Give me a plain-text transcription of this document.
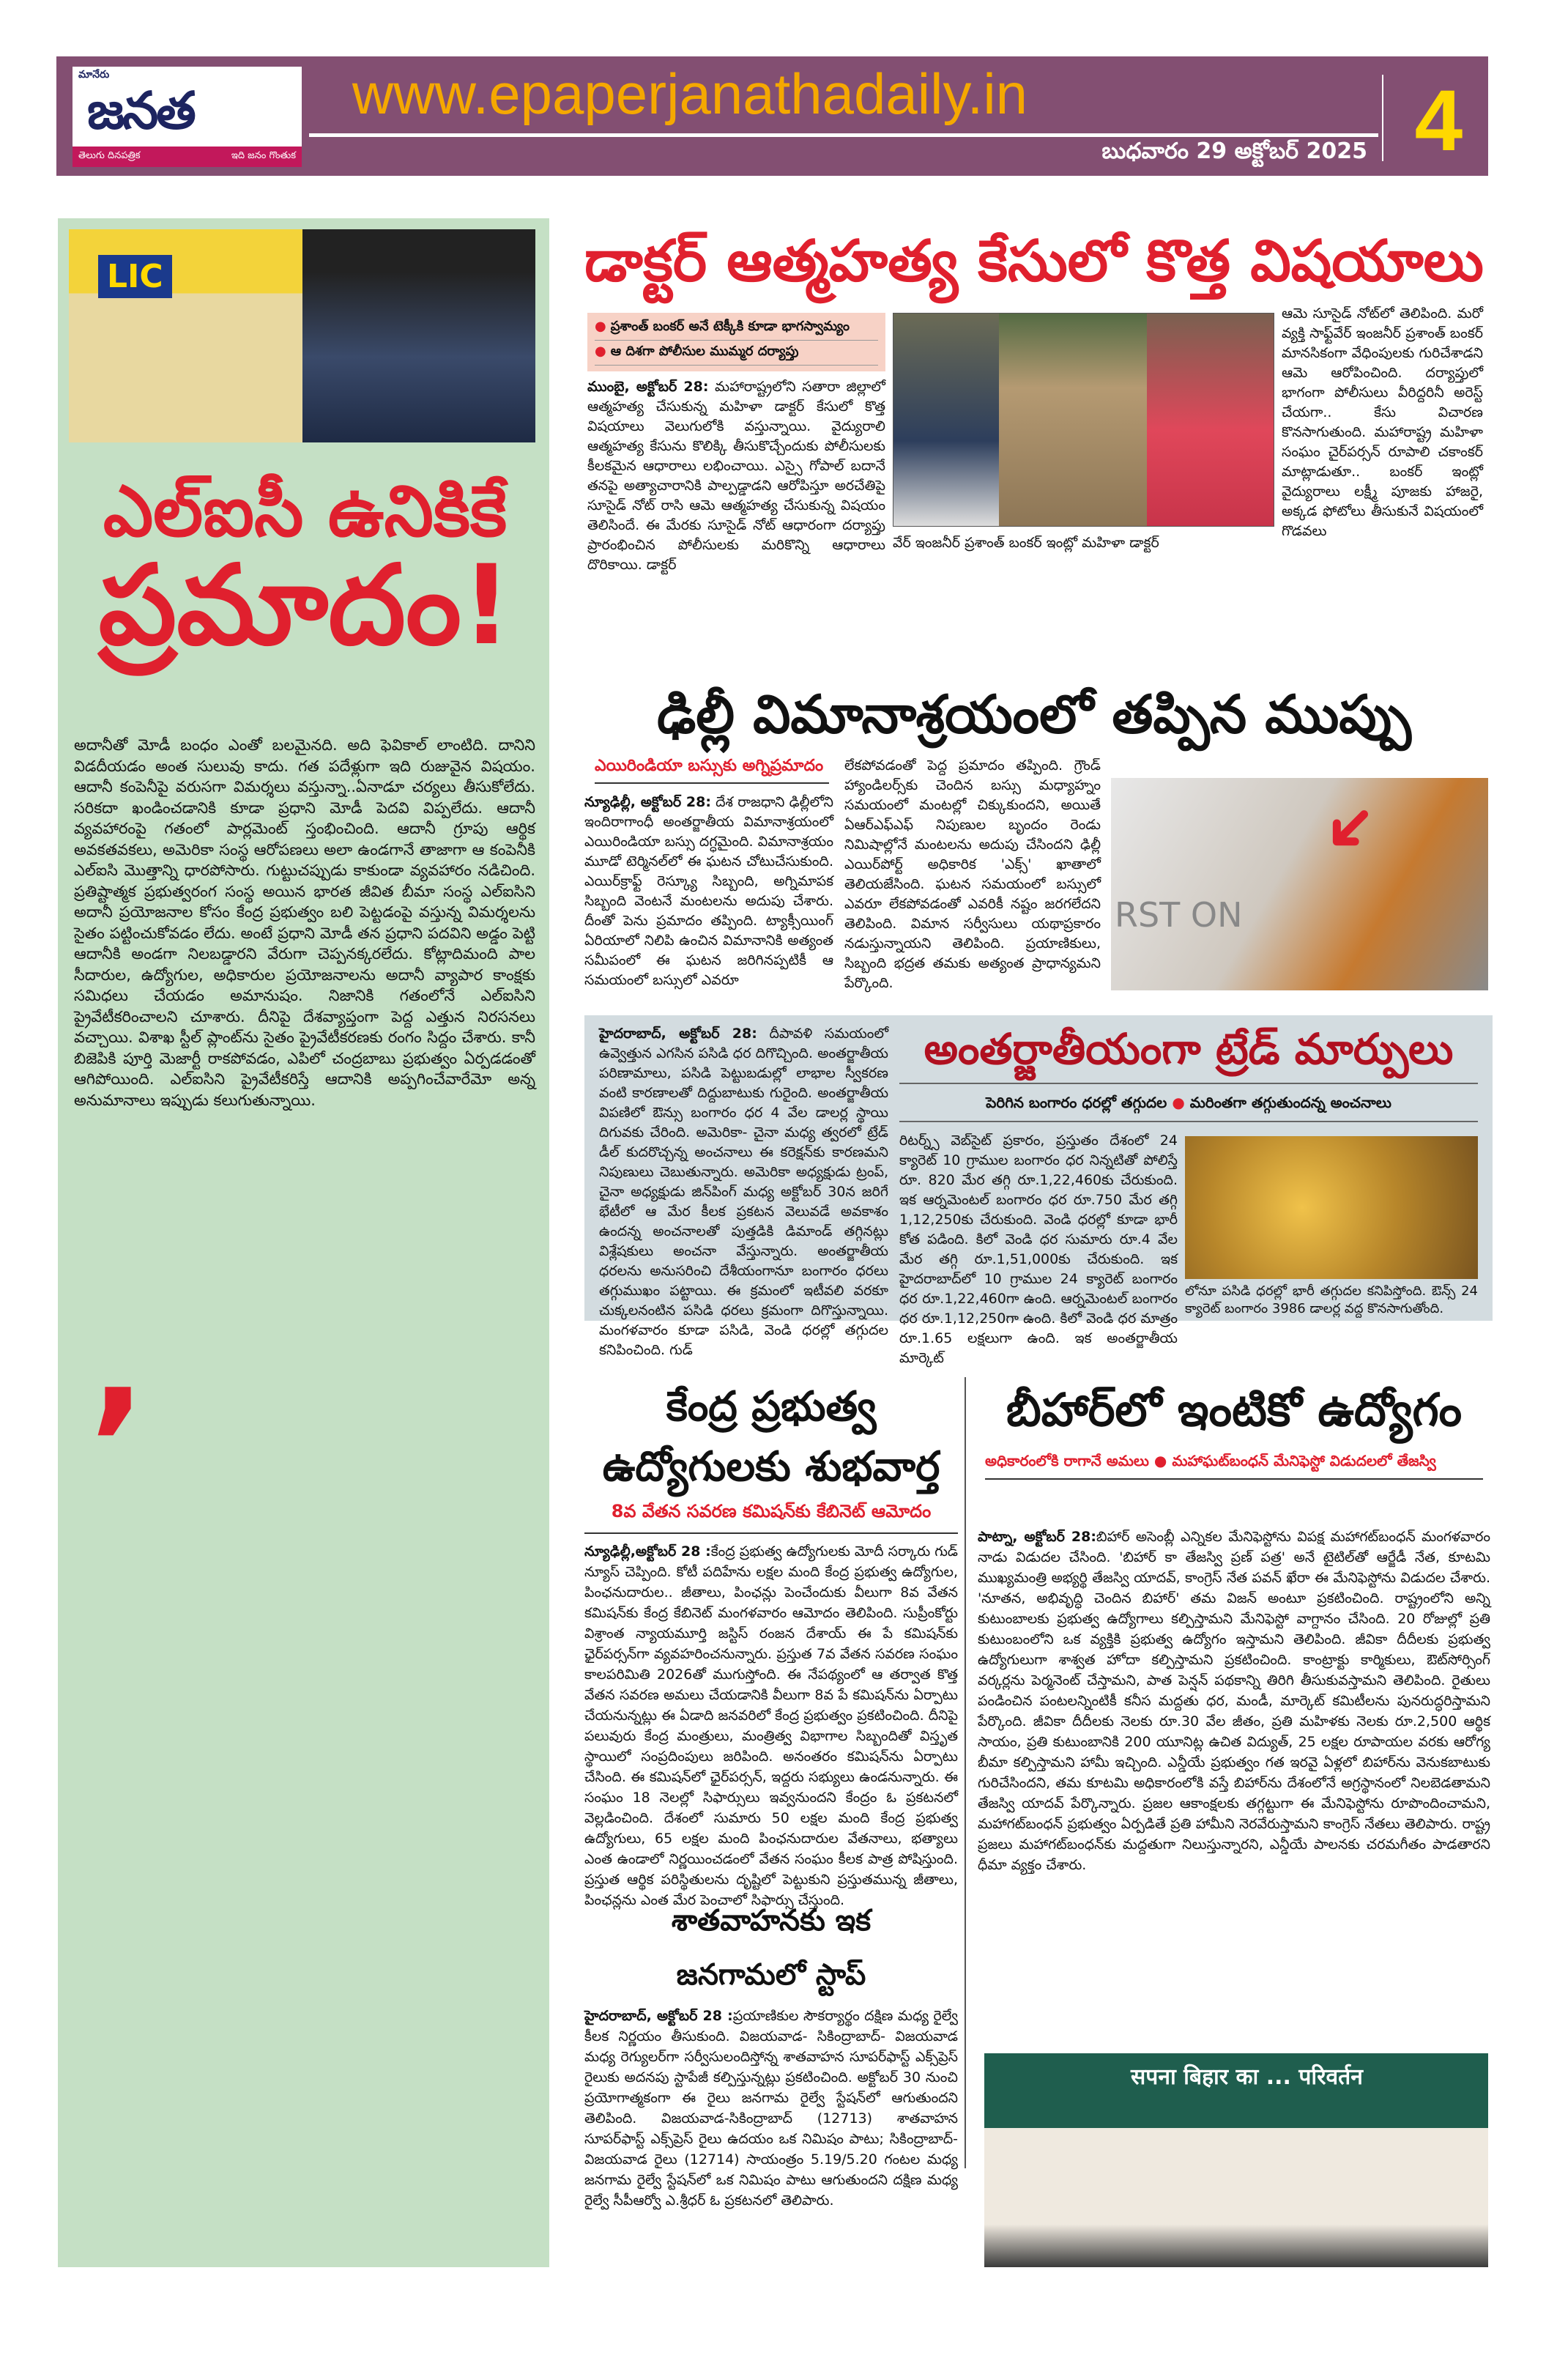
మానేరు
జనత
తెలుగు దినపత్రిక	ఇది జనం గొంతుక
www.epaperjanathadaily.in
బుధవారం 29 అక్టోబర్ 2025 4
LIC
ఎల్ఐసీ ఉనికికే
ప్రమాదం!
,
అదానీతో మోడీ బంధం ఎంతో బలమైనది. అది ఫెవికాల్ లాంటిది. దానిని విడదీయడం అంత సులువు కాదు. గత పదేళ్లుగా ఇది రుజువైన విషయం. ఆదానీ కంపెనీపై వరుసగా విమర్శలు వస్తున్నా..ఏనాడూ చర్యలు తీసుకోలేదు. సరికదా ఖండించడానికి కూడా ప్రధాని మోడీ పెదవి విప్పలేదు. ఆదానీ వ్యవహారంపై గతంలో పార్లమెంట్ స్తంభించింది. ఆదానీ గ్రూపు ఆర్థిక అవకతవకలు, అమెరికా సంస్థ ఆరోపణలు అలా ఉండగానే తాజాగా ఆ కంపెనీకి ఎల్ఐసి మొత్తాన్ని ధారపోసారు. గుట్టుచప్పుడు కాకుండా వ్యవహారం నడిచింది. ప్రతిష్టాత్మక ప్రభుత్వరంగ సంస్థ అయిన భారత జీవిత బీమా సంస్థ ఎల్ఐసిని అదానీ ప్రయోజనాల కోసం కేంద్ర ప్రభుత్వం బలి పెట్టడంపై వస్తున్న విమర్శలను సైతం పట్టించుకోవడం లేదు. అంటే ప్రధాని మోడీ తన ప్రధాని పదవిని అడ్డం పెట్టి ఆదానీకి అండగా నిలబడ్డారని వేరుగా చెప్పనక్కరలేదు. కోట్లాదిమంది పాల సీదారుల, ఉద్యోగుల, అధికారుల ప్రయోజనాలను అదానీ వ్యాపార కాంక్షకు సమిధలు చేయడం అమానుషం. నిజానికి గతంలోనే ఎల్ఐసిని ప్రైవేటీకరించాలని చూశారు. దీనిపై దేశవ్యాప్తంగా పెద్ద ఎత్తున నిరసనలు వచ్చాయి. విశాఖ స్టీల్ ప్లాంట్‌ను సైతం ప్రైవేటీకరణకు రంగం సిద్దం చేశారు. కానీ బిజెపికి పూర్తి మెజార్టీ రాకపోవడం, ఎపిలో చంద్రబాబు ప్రభుత్వం ఏర్పడడంతో ఆగిపోయింది. ఎల్ఐసిని ప్రైవేటీకరిస్తే ఆదానికి అప్పగించేవారేమో అన్న అనుమానాలు ఇప్పుడు కలుగుతున్నాయి.
డాక్టర్ ఆత్మహత్య కేసులో కొత్త విషయాలు
● ప్రశాంత్ బంకర్ అనే టెక్కీకి కూడా భాగస్వామ్యం
● ఆ దిశగా పోలీసుల ముమ్మర దర్యాప్తు
ముంబై, అక్టోబర్ 28: మహారాష్ట్రలోని సతారా జిల్లాలో ఆత్మహత్య చేసుకున్న మహిళా డాక్టర్ కేసులో కొత్త విషయాలు వెలుగులోకి వస్తున్నాయి. వైద్యురాలి ఆత్మహత్య కేసును కొలిక్కి తీసుకొచ్చేందుకు పోలీసులకు కీలకమైన ఆధారాలు లభించాయి. ఎస్సై గోపాల్ బదానే తనపై అత్యాచారానికి పాల్పడ్డాడని ఆరోపిస్తూ అరచేతిపై సూసైడ్ నోట్ రాసి ఆమె ఆత్మహత్య చేసుకున్న విషయం తెలిసిందే. ఈ మేరకు సూసైడ్ నోట్ ఆధారంగా దర్యాప్తు ప్రారంభించిన పోలీసులకు మరికొన్ని ఆధారాలు దొరికాయి. డాక్టర్
వేర్ ఇంజనీర్ ప్రశాంత్ బంకర్ ఇంట్లో మహిళా డాక్టర్
ఆమె సూసైడ్ నోట్‌లో తెలిపింది. మరో వ్యక్తి సాఫ్ట్‌వేర్ ఇంజనీర్ ప్రశాంత్ బంకర్ మానసికంగా వేధింపులకు గురిచేశాడని ఆమె ఆరోపించింది. దర్యాప్తులో భాగంగా పోలీసులు వీరిద్దరినీ అరెస్ట్ చేయగా.. కేసు విచారణ కొనసాగుతుంది. మహారాష్ట్ర మహిళా సంఘం చైర్‌పర్సన్ రూపాలి చకాంకర్ మాట్లాడుతూ.. బంకర్ ఇంట్లో వైద్యురాలు లక్ష్మీ పూజకు హాజరై, అక్కడ ఫోటోలు తీసుకునే విషయంలో గొడవలు
ఢిల్లీ విమానాశ్రయంలో తప్పిన ముప్పు
ఎయిరిండియా బస్సుకు అగ్నిప్రమాదం
న్యూఢిల్లీ, అక్టోబర్ 28: దేశ రాజధాని ఢిల్లీలోని ఇందిరాగాంధీ అంతర్జాతీయ విమానాశ్రయంలో ఎయిరిండియా బస్సు దగ్ధమైంది. విమానాశ్రయం మూడో టెర్మినల్‌లో ఈ ఘటన చోటుచేసుకుంది. ఎయిర్‌క్రాఫ్ట్ రెస్క్యూ సిబ్బంది, అగ్నిమాపక సిబ్బంది వెంటనే మంటలను అదుపు చేశారు. దీంతో పెను ప్రమాదం తప్పింది. ట్యాక్సీయింగ్ ఏరియాలో నిలిపి ఉంచిన విమానానికి అత్యంత సమీపంలో ఈ ఘటన జరిగినప్పటికీ ఆ సమయంలో బస్సులో ఎవరూ
లేకపోవడంతో పెద్ద ప్రమాదం తప్పింది. గ్రౌండ్ హ్యాండిలర్స్‌కు చెందిన బస్సు మధ్యాహ్నం సమయంలో మంటల్లో చిక్కుకుందని, అయితే ఏఆర్ఎఫ్ఎఫ్ నిపుణుల బృందం రెండు నిమిషాల్లోనే మంటలను అదుపు చేసిందని ఢిల్లీ ఎయిర్‌పోర్ట్ అధికారిక 'ఎక్స్' ఖాతాలో తెలియజేసింది. ఘటన సమయంలో బస్సులో ఎవరూ లేకపోవడంతో ఎవరికీ నష్టం జరగలేదని తెలిపింది. విమాన సర్వీసులు యథాప్రకారం నడుస్తున్నాయని తెలిపింది. ప్రయాణికులు, సిబ్బంది భద్రత తమకు అత్యంత ప్రాధాన్యమని పేర్కొంది.
RST ON
➜
హైదరాబాద్, అక్టోబర్ 28: దీపావళి సమయంలో ఉవ్వెత్తున ఎగసిన పసిడి ధర దిగొచ్చింది. అంతర్జాతీయ పరిణామాలు, పసిడి పెట్టుబడుల్లో లాభాల స్వీకరణ వంటి కారణాలతో దిద్దుబాటుకు గురైంది. అంతర్జాతీయ విపణిలో ఔన్సు బంగారం ధర 4 వేల డాలర్ల స్థాయి దిగువకు చేరింది. అమెరికా- చైనా మధ్య త్వరలో ట్రేడ్ డీల్ కుదరొచ్చన్న అంచనాలు ఈ కరెక్షన్‌కు కారణమని నిపుణులు చెబుతున్నారు. అమెరికా అధ్యక్షుడు ట్రంప్, చైనా అధ్యక్షుడు జిన్‌పింగ్ మధ్య అక్టోబర్ 30న జరిగే భేటీలో ఆ మేర కీలక ప్రకటన వెలువడే అవకాశం ఉందన్న అంచనాలతో పుత్తడికి డిమాండ్ తగ్గినట్లు విశ్లేషకులు అంచనా వేస్తున్నారు. అంతర్జాతీయ ధరలను అనుసరించి దేశీయంగానూ బంగారం ధరలు తగ్గుముఖం పట్టాయి. ఈ క్రమంలో ఇటీవలి వరకూ చుక్కలనంటిన పసిడి ధరలు క్రమంగా దిగొస్తున్నాయి. మంగళవారం కూడా పసిడి, వెండి ధరల్లో తగ్గుదల కనిపించింది. గుడ్
అంతర్జాతీయంగా ట్రేడ్ మార్పులు
పెరిగిన బంగారం ధరల్లో తగ్గుదల ● మరింతగా తగ్గుతుందన్న అంచనాలు
రిటర్న్స్ వెబ్‌సైట్ ప్రకారం, ప్రస్తుతం దేశంలో 24 క్యారెట్ 10 గ్రాముల బంగారం ధర నిన్నటితో పోలిస్తే రూ. 820 మేర తగ్గి రూ.1,22,460కు చేరుకుంది. ఇక ఆర్నమెంటల్ బంగారం ధర రూ.750 మేర తగ్గి 1,12,250కు చేరుకుంది. వెండి ధరల్లో కూడా భారీ కోత పడింది. కిలో వెండి ధర సుమారు రూ.4 వేల మేర తగ్గి రూ.1,51,000కు చేరుకుంది. ఇక హైదరాబాద్‌లో 10 గ్రాముల 24 క్యారెట్ బంగారం ధర రూ.1,22,460గా ఉంది. ఆర్నమెంటల్ బంగారం ధర రూ.1,12,250గా ఉంది. కిలో వెండి ధర మాత్రం రూ.1.65 లక్షలుగా ఉంది. ఇక అంతర్జాతీయ మార్కెట్
లోనూ పసిడి ధరల్లో భారీ తగ్గుదల కనిపిస్తోంది. ఔన్స్ 24 క్యారెట్ బంగారం 3986 డాలర్ల వద్ద కొనసాగుతోంది.
కేంద్ర ప్రభుత్వ
ఉద్యోగులకు శుభవార్త
8వ వేతన సవరణ కమిషన్‌కు కేబినెట్ ఆమోదం
న్యూఢిల్లీ,అక్టోబర్ 28 :కేంద్ర ప్రభుత్వ ఉద్యోగులకు మోదీ సర్కారు గుడ్ న్యూస్ చెప్పింది. కోటీ పదిహేను లక్షల మంది కేంద్ర ప్రభుత్వ ఉద్యోగుల, పింఛనుదారుల.. జీతాలు, పింఛన్లు పెంచేందుకు వీలుగా 8వ వేతన కమిషన్‌కు కేంద్ర కేబినెట్ మంగళవారం ఆమోదం తెలిపింది. సుప్రీంకోర్టు విశ్రాంత న్యాయమూర్తి జస్టిస్ రంజన దేశాయ్ ఈ పే కమిషన్‌కు ఛైర్‌పర్సన్‌గా వ్యవహరించనున్నారు. ప్రస్తుత 7వ వేతన సవరణ సంఘం కాలపరిమితి 2026తో ముగుస్తోంది. ఈ నేపథ్యంలో ఆ తర్వాత కొత్త వేతన సవరణ అమలు చేయడానికి వీలుగా 8వ పే కమిషన్‌ను ఏర్పాటు చేయనున్నట్లు ఈ ఏడాది జనవరిలో కేంద్ర ప్రభుత్వం ప్రకటించింది. దీనిపై పలువురు కేంద్ర మంత్రులు, మంత్రిత్వ విభాగాల సిబ్బందితో విస్తృత స్థాయిలో సంప్రదింపులు జరిపింది. అనంతరం కమిషన్‌ను ఏర్పాటు చేసింది. ఈ కమిషన్‌లో ఛైర్‌పర్సన్, ఇద్దరు సభ్యులు ఉండనున్నారు. ఈ సంఘం 18 నెలల్లో సిఫార్సులు ఇవ్వనుందని కేంద్రం ఓ ప్రకటనలో వెల్లడించింది. దేశంలో సుమారు 50 లక్షల మంది కేంద్ర ప్రభుత్వ ఉద్యోగులు, 65 లక్షల మంది పింఛనుదారుల వేతనాలు, భత్యాలు ఎంత ఉండాలో నిర్ణయించడంలో వేతన సంఘం కీలక పాత్ర పోషిస్తుంది. ప్రస్తుత ఆర్థిక పరిస్థితులను దృష్టిలో పెట్టుకుని ప్రస్తుతమున్న జీతాలు, పింఛన్లను ఎంత మేర పెంచాలో సిఫార్సు చేస్తుంది.
శాతవాహనకు ఇక
జనగామలో స్టాప్
హైదరాబాద్, అక్టోబర్ 28 :ప్రయాణికుల సౌకర్యార్థం దక్షిణ మధ్య రైల్వే కీలక నిర్ణయం తీసుకుంది. విజయవాడ- సికింద్రాబాద్- విజయవాడ మధ్య రెగ్యులర్‌గా సర్వీసులందిస్తోన్న శాతవాహన సూపర్‌ఫాస్ట్ ఎక్స్‌ప్రెస్ రైలుకు అదనపు స్టాపేజీ కల్పిస్తున్నట్లు ప్రకటించింది. అక్టోబర్ 30 నుంచి ప్రయోగాత్మకంగా ఈ రైలు జనగామ రైల్వే స్టేషన్‌లో ఆగుతుందని తెలిపింది. విజయవాడ-సికింద్రాబాద్ (12713) శాతవాహన సూపర్‌ఫాస్ట్ ఎక్స్‌ప్రెస్ రైలు ఉదయం ఒక నిమిషం పాటు; సికింద్రాబాద్- విజయవాడ రైలు (12714) సాయంత్రం 5.19/5.20 గంటల మధ్య జనగామ రైల్వే స్టేషన్‌లో ఒక నిమిషం పాటు ఆగుతుందని దక్షిణ మధ్య రైల్వే సీపీఆర్వో ఎ.శ్రీధర్ ఓ ప్రకటనలో తెలిపారు.
బీహార్‌లో ఇంటికో ఉద్యోగం
అధికారంలోకి రాగానే అమలు ● మహాఘట్‌బంధన్ మేనిఫెస్టో విడుదలలో తేజస్వి
పాట్నా, అక్టోబర్ 28:బిహార్ అసెంబ్లీ ఎన్నికల మేనిఫెస్టోను విపక్ష మహాగట్‌బంధన్ మంగళవారం నాడు విడుదల చేసింది. 'బిహార్ కా తేజస్వి ప్రణ్ పత్ర' అనే టైటిల్‌తో ఆర్జేడీ నేత, కూటమి ముఖ్యమంత్రి అభ్యర్థి తేజస్వి యాదవ్, కాంగ్రెస్ నేత పవన్ ఖేరా ఈ మేనిఫెస్టోను విడుదల చేశారు. 'నూతన, అభివృద్ధి చెందిన బిహార్' తమ విజన్ అంటూ ప్రకటించింది. రాష్ట్రంలోని అన్ని కుటుంబాలకు ప్రభుత్వ ఉద్యోగాలు కల్పిస్తామని మేనిఫెస్టో వాగ్దానం చేసింది. 20 రోజుల్లో ప్రతి కుటుంబంలోని ఒక వ్యక్తికి ప్రభుత్వ ఉద్యోగం ఇస్తామని తెలిపింది. జీవికా దీదీలకు ప్రభుత్వ ఉద్యోగులుగా శాశ్వత హోదా కల్పిస్తామని ప్రకటించింది. కాంట్రాక్టు కార్మికులు, ఔట్‌సోర్సింగ్ వర్కర్లను పెర్మనెంట్ చేస్తామని, పాత పెన్షన్ పథకాన్ని తిరిగి తీసుకువస్తామని తెలిపింది. రైతులు పండించిన పంటలన్నింటికీ కనీస మద్దతు ధర, మండీ, మార్కెట్ కమిటీలను పునరుద్ధరిస్తామని పేర్కొంది. జీవికా దీదీలకు నెలకు రూ.30 వేల జీతం, ప్రతి మహిళకు నెలకు రూ.2,500 ఆర్థిక సాయం, ప్రతి కుటుంబానికి 200 యూనిట్ల ఉచిత విద్యుత్, 25 లక్షల రూపాయల వరకు ఆరోగ్య బీమా కల్పిస్తామని హామీ ఇచ్చింది. ఎన్డీయే ప్రభుత్వం గత ఇరవై ఏళ్లలో బిహార్‌ను వెనుకబాటుకు గురిచేసిందని, తమ కూటమి అధికారంలోకి వస్తే బిహార్‌ను దేశంలోనే అగ్రస్థానంలో నిలబెడతామని తేజస్వి యాదవ్ పేర్కొన్నారు. ప్రజల ఆకాంక్షలకు తగ్గట్టుగా ఈ మేనిఫెస్టోను రూపొందించామని, మహాగట్‌బంధన్ ప్రభుత్వం ఏర్పడితే ప్రతి హామీని నెరవేరుస్తామని కాంగ్రెస్ నేతలు తెలిపారు. రాష్ట్ర ప్రజలు మహాగట్‌బంధన్‌కు మద్దతుగా నిలుస్తున్నారని, ఎన్డీయే పాలనకు చరమగీతం పాడతారని ధీమా వ్యక్తం చేశారు.
सपना बिहार का ... परिवर्तन
